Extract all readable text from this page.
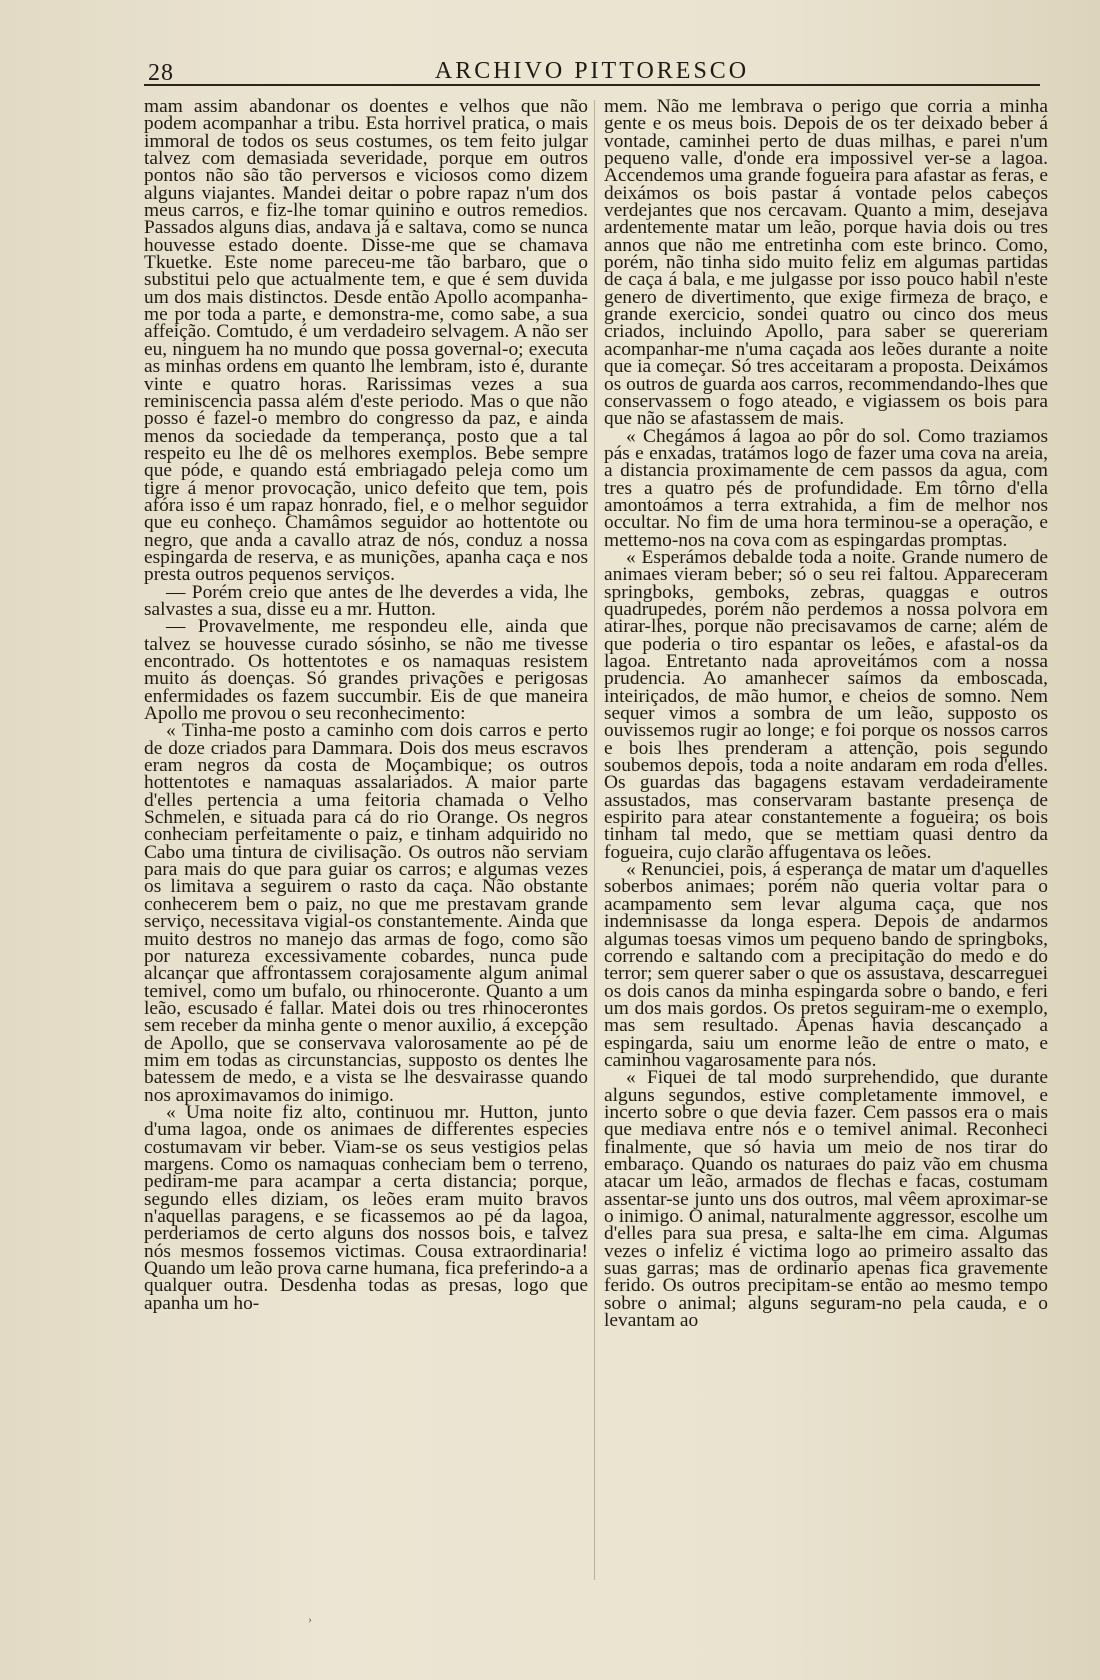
28	ARCHIVO PITTORESCO

mam assim abandonar os doentes e velhos que não podem acompanhar a tribu. Esta horrivel pratica, o mais immoral de todos os seus costumes, os tem feito julgar talvez com demasiada severidade, porque em outros pontos não são tão perversos e viciosos como dizem alguns viajantes. Mandei deitar o pobre rapaz n'um dos meus carros, e fiz-lhe tomar quinino e outros remedios. Passados alguns dias, andava já e saltava, como se nunca houvesse estado doente. Disse-me que se chamava Tkuetke. Este nome pareceu-me tão barbaro, que o substitui pelo que actualmente tem, e que é sem duvida um dos mais distinctos. Desde então Apollo acompanha-me por toda a parte, e demonstra-me, como sabe, a sua affeição. Comtudo, é um verdadeiro selvagem. A não ser eu, ninguem ha no mundo que possa governal-o; executa as minhas ordens em quanto lhe lembram, isto é, durante vinte e quatro horas. Rarissimas vezes a sua reminiscencia passa além d'este periodo. Mas o que não posso é fazel-o membro do congresso da paz, e ainda menos da sociedade da temperança, posto que a tal respeito eu lhe dê os melhores exemplos. Bebe sempre que póde, e quando está embriagado peleja como um tigre á menor provocação, unico defeito que tem, pois afóra isso é um rapaz honrado, fiel, e o melhor seguidor que eu conheço. Chamâmos seguidor ao hottentote ou negro, que anda a cavallo atraz de nós, conduz a nossa espingarda de reserva, e as munições, apanha caça e nos presta outros pequenos serviços.

— Porém creio que antes de lhe deverdes a vida, lhe salvastes a sua, disse eu a mr. Hutton.

— Provavelmente, me respondeu elle, ainda que talvez se houvesse curado sósinho, se não me tivesse encontrado. Os hottentotes e os namaquas resistem muito ás doenças. Só grandes privações e perigosas enfermidades os fazem succumbir. Eis de que maneira Apollo me provou o seu reconhecimento:

« Tinha-me posto a caminho com dois carros e perto de doze criados para Dammara. Dois dos meus escravos eram negros da costa de Moçambique; os outros hottentotes e namaquas assalariados. A maior parte d'elles pertencia a uma feitoria chamada o Velho Schmelen, e situada para cá do rio Orange. Os negros conheciam perfeitamente o paiz, e tinham adquirido no Cabo uma tintura de civilisação. Os outros não serviam para mais do que para guiar os carros; e algumas vezes os limitava a seguirem o rasto da caça. Não obstante conhecerem bem o paiz, no que me prestavam grande serviço, necessitava vigial-os constantemente. Ainda que muito destros no manejo das armas de fogo, como são por natureza excessivamente cobardes, nunca pude alcançar que affrontassem corajosamente algum animal temivel, como um bufalo, ou rhinoceronte. Quanto a um leão, escusado é fallar. Matei dois ou tres rhinocerontes sem receber da minha gente o menor auxilio, á excepção de Apollo, que se conservava valorosamente ao pé de mim em todas as circunstancias, supposto os dentes lhe batessem de medo, e a vista se lhe desvairasse quando nos aproximavamos do inimigo.

« Uma noite fiz alto, continuou mr. Hutton, junto d'uma lagoa, onde os animaes de differentes especies costumavam vir beber. Viam-se os seus vestigios pelas margens. Como os namaquas conheciam bem o terreno, pediram-me para acampar a certa distancia; porque, segundo elles diziam, os leões eram muito bravos n'aquellas paragens, e se ficassemos ao pé da lagoa, perderiamos de certo alguns dos nossos bois, e talvez nós mesmos fossemos victimas. Cousa extraordinaria! Quando um leão prova carne humana, fica preferindo-a a qualquer outra. Desdenha todas as presas, logo que apanha um ho-

mem. Não me lembrava o perigo que corria a minha gente e os meus bois. Depois de os ter deixado beber á vontade, caminhei perto de duas milhas, e parei n'um pequeno valle, d'onde era impossivel ver-se a lagoa. Accendemos uma grande fogueira para afastar as feras, e deixámos os bois pastar á vontade pelos cabeços verdejantes que nos cercavam. Quanto a mim, desejava ardentemente matar um leão, porque havia dois ou tres annos que não me entretinha com este brinco. Como, porém, não tinha sido muito feliz em algumas partidas de caça á bala, e me julgasse por isso pouco habil n'este genero de divertimento, que exige firmeza de braço, e grande exercicio, sondei quatro ou cinco dos meus criados, incluindo Apollo, para saber se quereriam acompanhar-me n'uma caçada aos leões durante a noite que ia começar. Só tres acceitaram a proposta. Deixámos os outros de guarda aos carros, recommendando-lhes que conservassem o fogo ateado, e vigiassem os bois para que não se afastassem de mais.

« Chegámos á lagoa ao pôr do sol. Como traziamos pás e enxadas, tratámos logo de fazer uma cova na areia, a distancia proximamente de cem passos da agua, com tres a quatro pés de profundidade. Em tôrno d'ella amontoámos a terra extrahida, a fim de melhor nos occultar. No fim de uma hora terminou-se a operação, e mettemo-nos na cova com as espingardas promptas.

« Esperámos debalde toda a noite. Grande numero de animaes vieram beber; só o seu rei faltou. Appareceram springboks, gemboks, zebras, quaggas e outros quadrupedes, porém não perdemos a nossa polvora em atirar-lhes, porque não precisavamos de carne; além de que poderia o tiro espantar os leões, e afastal-os da lagoa. Entretanto nada aproveitámos com a nossa prudencia. Ao amanhecer saímos da emboscada, inteiriçados, de mão humor, e cheios de somno. Nem sequer vimos a sombra de um leão, supposto os ouvissemos rugir ao longe; e foi porque os nossos carros e bois lhes prenderam a attenção, pois segundo soubemos depois, toda a noite andaram em roda d'elles. Os guardas das bagagens estavam verdadeiramente assustados, mas conservaram bastante presença de espirito para atear constantemente a fogueira; os bois tinham tal medo, que se mettiam quasi dentro da fogueira, cujo clarão affugentava os leões.

« Renunciei, pois, á esperança de matar um d'aquelles soberbos animaes; porém não queria voltar para o acampamento sem levar alguma caça, que nos indemnisasse da longa espera. Depois de andarmos algumas toesas vimos um pequeno bando de springboks, correndo e saltando com a precipitação do medo e do terror; sem querer saber o que os assustava, descarreguei os dois canos da minha espingarda sobre o bando, e feri um dos mais gordos. Os pretos seguiram-me o exemplo, mas sem resultado. Apenas havia descançado a espingarda, saiu um enorme leão de entre o mato, e caminhou vagarosamente para nós.

« Fiquei de tal modo surprehendido, que durante alguns segundos, estive completamente immovel, e incerto sobre o que devia fazer. Cem passos era o mais que mediava entre nós e o temivel animal. Reconheci finalmente, que só havia um meio de nos tirar do embaraço. Quando os naturaes do paiz vão em chusma atacar um leão, armados de flechas e facas, costumam assentar-se junto uns dos outros, mal vêem aproximar-se o inimigo. O animal, naturalmente aggressor, escolhe um d'elles para sua presa, e salta-lhe em cima. Algumas vezes o infeliz é victima logo ao primeiro assalto das suas garras; mas de ordinario apenas fica gravemente ferido. Os outros precipitam-se então ao mesmo tempo sobre o animal; alguns seguram-no pela cauda, e o levantam ao

›
